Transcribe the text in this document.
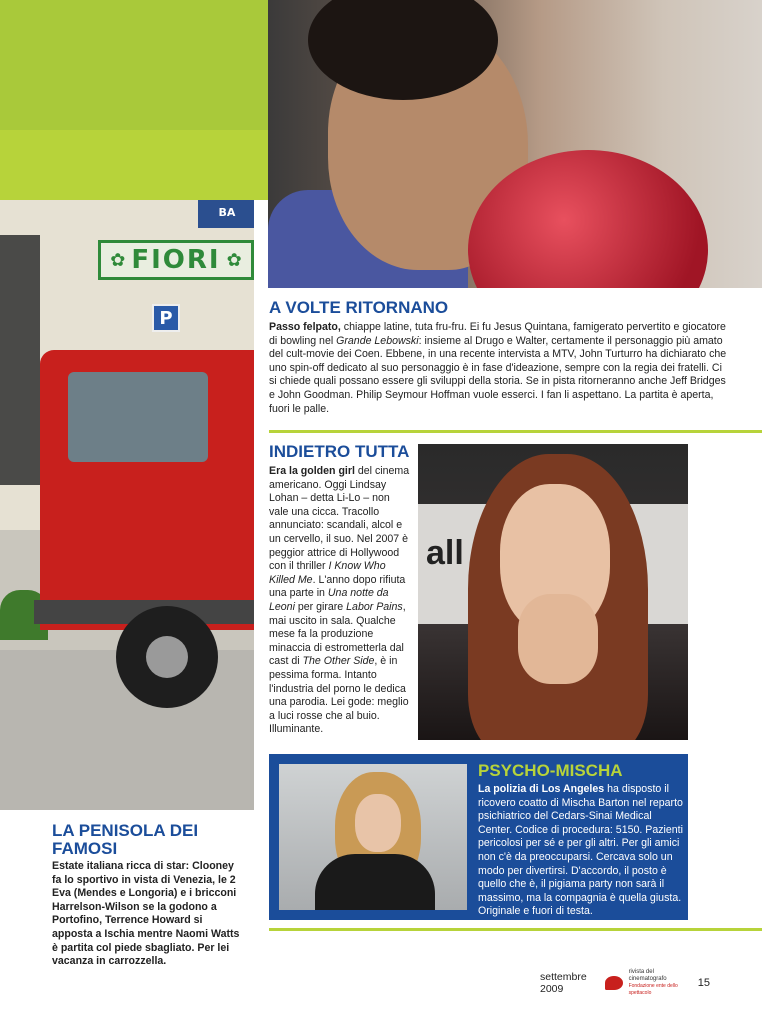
✿ FIORI ✿
BA
P
LA PENISOLA DEI FAMOSI

Estate italiana ricca di star: Clooney fa lo sportivo in vista di Venezia, le 2 Eva (Mendes e Longoria) e i bricconi Harrelson-Wilson se la godono a Portofino, Terrence Howard si apposta a Ischia mentre Naomi Watts è partita col piede sbagliato. Per lei vacanza in carrozzella.

A VOLTE RITORNANO

Passo felpato, chiappe latine, tuta fru-fru. Ei fu Jesus Quintana, famigerato pervertito e giocatore di bowling nel Grande Lebowski: insieme al Drugo e Walter, certamente il personaggio più amato del cult-movie dei Coen. Ebbene, in una recente intervista a MTV, John Turturro ha dichiarato che uno spin-off dedicato al suo personaggio è in fase d'ideazione, sempre con la regia dei fratelli. Ci si chiede quali possano essere gli sviluppi della storia. Se in pista ritorneranno anche Jeff Bridges e John Goodman. Philip Seymour Hoffman vuole esserci. I fan li aspettano. La partita è aperta, fuori le palle.

INDIETRO TUTTA

Era la golden girl del cinema americano. Oggi Lindsay Lohan – detta Li-Lo – non vale una cicca. Tracollo annunciato: scandali, alcol e un cervello, il suo. Nel 2007 è peggior attrice di Hollywood con il thriller I Know Who Killed Me. L'anno dopo rifiuta una parte in Una notte da Leoni per girare Labor Pains, mai uscito in sala. Qualche mese fa la produzione minaccia di estrometterla dal cast di The Other Side, è in pessima forma. Intanto l'industria del porno le dedica una parodia. Lei gode: meglio a luci rosse che al buio. Illuminante.

all
PSYCHO-MISCHA

La polizia di Los Angeles ha disposto il ricovero coatto di Mischa Barton nel reparto psichiatrico del Cedars-Sinai Medical Center. Codice di procedura: 5150. Pazienti pericolosi per sé e per gli altri. Per gli amici non c'è da preoccuparsi. Cercava solo un modo per divertirsi. D'accordo, il posto è quello che è, il pigiama party non sarà il massimo, ma la compagnia è quella giusta. Originale e fuori di testa.

settembre 2009
rivista del cinematografo
Fondazione ente dello spettacolo
15
